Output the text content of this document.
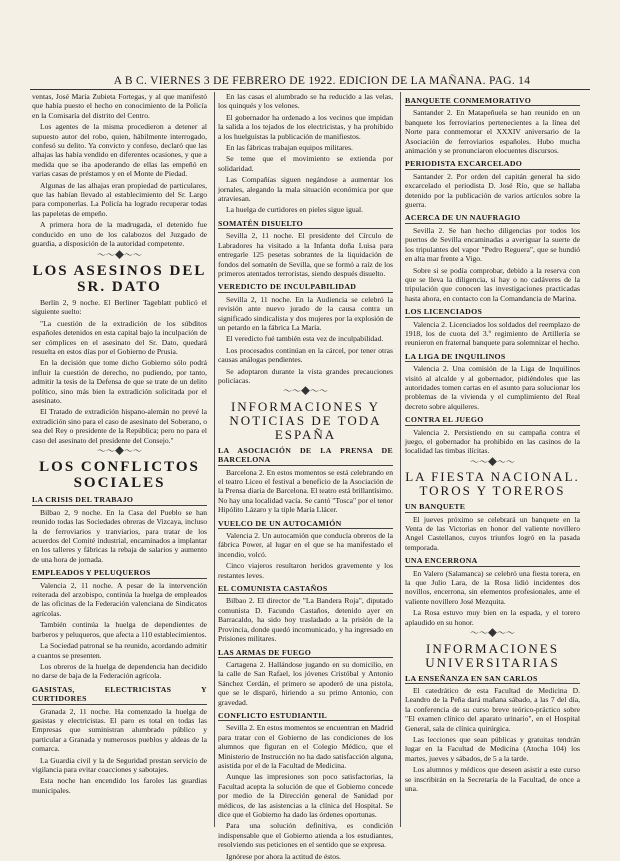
A B C. VIERNES 3 DE FEBRERO DE 1922. EDICION DE LA MAÑANA. PAG. 14

ventas, José María Zubieta Fortegas, y al que manifestó que había puesto el hecho en conocimiento de la Policía en la Comisaría del distrito del Centro.

Los agentes de la misma procedieron a detener al supuesto autor del robo, quien, hábilmente interrogado, confesó su delito. Ya convicto y confeso, declaró que las alhajas las había vendido en diferentes ocasiones, y que a medida que se iba apoderando de ellas las empeñó en varias casas de préstamos y en el Monte de Piedad.

Algunas de las alhajas eran propiedad de particulares, que las habían llevado al establecimiento del Sr. Largo para componerlas. La Policía ha logrado recuperar todas las papeletas de empeño.

A primera hora de la madrugada, el detenido fue conducido en uno de los calabozos del Juzgado de guardia, a disposición de la autoridad competente.

～～◆～～
LOS ASESINOS DEL SR. DATO

Berlín 2, 9 noche. El Berliner Tageblatt publicó el siguiente suelto:

"La cuestión de la extradición de los súbditos españoles detenidos en esta capital bajo la inculpación de ser cómplices en el asesinato del Sr. Dato, quedará resuelta en estos días por el Gobierno de Prusia.

En la decisión que tome dicho Gobierno sólo podrá influir la cuestión de derecho, no pudiendo, por tanto, admitir la tesis de la Defensa de que se trate de un delito político, sino más bien la extradición solicitada por el asesinato.

El Tratado de extradición hispano-alemán no prevé la extradición sino para el caso de asesinato del Soberano, o sea del Rey o presidente de la República; pero no para el caso del asesinato del presidente del Consejo."

～～◆～～
LOS CONFLICTOS SOCIALES
LA CRISIS DEL TRABAJO

Bilbao 2, 9 noche. En la Casa del Pueblo se han reunido todas las Sociedades obreras de Vizcaya, incluso la de ferroviarios y tranviarios, para tratar de los acuerdos del Comité industrial, encaminados a implantar en los talleres y fábricas la rebaja de salarios y aumento de una hora de jornada.

EMPLEADOS Y PELUQUEROS

Valencia 2, 11 noche. A pesar de la intervención reiterada del arzobispo, continúa la huelga de empleados de las oficinas de la Federación valenciana de Sindicatos agrícolas.

También continúa la huelga de dependientes de barberos y peluqueros, que afecta a 110 establecimientos.

La Sociedad patronal se ha reunido, acordando admitir a cuantos se presenten.

Los obreros de la huelga de dependencia han decidido no darse de baja de la Federación agrícola.

GASISTAS, ELECTRICISTAS Y CURTIDORES

Granada 2, 11 noche. Ha comenzado la huelga de gasistas y electricistas. El paro es total en todas las Empresas que suministran alumbrado público y particular a Granada y numerosos pueblos y aldeas de la comarca.

La Guardia civil y la de Seguridad prestan servicio de vigilancia para evitar coacciones y sabotajes.

Esta noche han encendido los faroles las guardias municipales.

En las casas el alumbrado se ha reducido a las velas, los quinqués y los velones.

El gobernador ha ordenado a los vecinos que impidan la salida a los tejados de los electricistas, y ha prohibido a los huelguistas la publicación de manifiestos.

En las fábricas trabajan equipos militares.

Se teme que el movimiento se extienda por solidaridad.

Las Compañías siguen negándose a aumentar los jornales, alegando la mala situación económica por que atraviesan.

La huelga de curtidores en pieles sigue igual.

SOMATÉN DISUELTO

Sevilla 2, 11 noche. El presidente del Círculo de Labradores ha visitado a la Infanta doña Luisa para entregarle 125 pesetas sobrantes de la liquidación de fondos del somatén de Sevilla, que se formó a raíz de los primeros atentados terroristas, siendo después disuelto.

VEREDICTO DE INCULPABILIDAD

Sevilla 2, 11 noche. En la Audiencia se celebró la revisión ante nuevo jurado de la causa contra un significado sindicalista y dos mujeres por la explosión de un petardo en la fábrica La María.

El veredicto fué también esta vez de inculpabilidad.

Los procesados continúan en la cárcel, por tener otras causas análogas pendientes.

Se adoptaron durante la vista grandes precauciones policíacas.

～～◆～～
INFORMACIONES Y NOTICIAS DE TODA ESPAÑA
LA ASOCIACIÓN DE LA PRENSA DE BARCELONA

Barcelona 2. En estos momentos se está celebrando en el teatro Liceo el festival a beneficio de la Asociación de la Prensa diaria de Barcelona. El teatro está brillantísimo. No hay una localidad vacía. Se cantó "Tosca" por el tenor Hipólito Lázaro y la tiple María Llácer.

VUELCO DE UN AUTOCAMIÓN

Valencia 2. Un autocamión que conducía obreros de la fábrica Power, al lugar en el que se ha manifestado el incendio, volcó.

Cinco viajeros resultaron heridos gravemente y los restantes leves.

EL COMUNISTA CASTAÑOS

Bilbao 2. El director de "La Bandera Roja", diputado comunista D. Facundo Castaños, detenido ayer en Barracaldo, ha sido hoy trasladado a la prisión de la Provincia, donde quedó incomunicado, y ha ingresado en Prisiones militares.

LAS ARMAS DE FUEGO

Cartagena 2. Hallándose jugando en su domicilio, en la calle de San Rafael, los jóvenes Cristóbal y Antonio Sánchez Cerdán, el primero se apoderó de una pistola, que se le disparó, hiriendo a su primo Antonio, con gravedad.

CONFLICTO ESTUDIANTIL

Sevilla 2. En estos momentos se encuentran en Madrid para tratar con el Gobierno de las condiciones de los alumnos que figuran en el Colegio Médico, que el Ministerio de Instrucción no ha dado satisfacción alguna, asistida por el de la Facultad de Medicina.

Aunque las impresiones son poco satisfactorias, la Facultad acepta la solución de que el Gobierno concede por medio de la Dirección general de Sanidad por médicos, de las asistencias a la clínica del Hospital. Se dice que el Gobierno ha dado las órdenes oportunas.

Para una solución definitiva, es condición indispensable que el Gobierno atienda a los estudiantes, resolviendo sus peticiones en el sentido que se expresa.

Ignórese por ahora la actitud de éstos.

BANQUETE CONMEMORATIVO

Santander 2. En Matapeñuela se han reunido en un banquete los ferroviarios pertenecientes a la línea del Norte para conmemorar el XXXIV aniversario de la Asociación de ferroviarios españoles. Hubo mucha animación y se pronunciaron elocuentes discursos.

PERIODISTA EXCARCELADO

Santander 2. Por orden del capitán general ha sido excarcelado el periodista D. José Río, que se hallaba detenido por la publicación de varios artículos sobre la guerra.

ACERCA DE UN NAUFRAGIO

Sevilla 2. Se han hecho diligencias por todos los puertos de Sevilla encaminadas a averiguar la suerte de los tripulantes del vapor "Pedro Reguera", que se hundió en alta mar frente a Vigo.

Sobre si se podía comprobar, debido a la reserva con que se lleva la diligencia, si hay o no cadáveres de la tripulación que conocen las investigaciones practicadas hasta ahora, en contacto con la Comandancia de Marina.

LOS LICENCIADOS

Valencia 2. Licenciados los soldados del reemplazo de 1918, los de cuota del 3.º regimiento de Artillería se reunieron en fraternal banquete para solemnizar el hecho.

LA LIGA DE INQUILINOS

Valencia 2. Una comisión de la Liga de Inquilinos visitó al alcalde y al gobernador, pidiéndoles que las autoridades tomen cartas en el asunto para solucionar los problemas de la vivienda y el cumplimiento del Real decreto sobre alquileres.

CONTRA EL JUEGO

Valencia 2. Persistiendo en su campaña contra el juego, el gobernador ha prohibido en las casinos de la localidad las timbas ilícitas.

～～◆～～
LA FIESTA NACIONAL. TOROS Y TOREROS
UN BANQUETE

El jueves próximo se celebrará un banquete en la Venta de las Victorias en honor del valiente novillero Angel Castellanos, cuyos triunfos logró en la pasada temporada.

UNA ENCERRONA

En Valero (Salamanca) se celebró una fiesta torera, en la que Julio Lara, de la Rosa lidió incidentes dos novillos, encerrona, sin elementos profesionales, ante el valiente novillero José Mezquita.

La Rosa estuvo muy bien en la espada, y el torero aplaudido en su honor.

～～◆～～
INFORMACIONES UNIVERSITARIAS
LA ENSEÑANZA EN SAN CARLOS

El catedrático de esta Facultad de Medicina D. Leandro de la Peña dará mañana sábado, a las 7 del día, la conferencia de su curso breve teórico-práctico sobre "El examen clínico del aparato urinario", en el Hospital General, sala de clínica quirúrgica.

Las lecciones que sean públicas y gratuitas tendrán lugar en la Facultad de Medicina (Atocha 104) los martes, jueves y sábados, de 5 a la tarde.

Los alumnos y médicos que deseen asistir a este curso se inscribirán en la Secretaría de la Facultad, de once a una.
